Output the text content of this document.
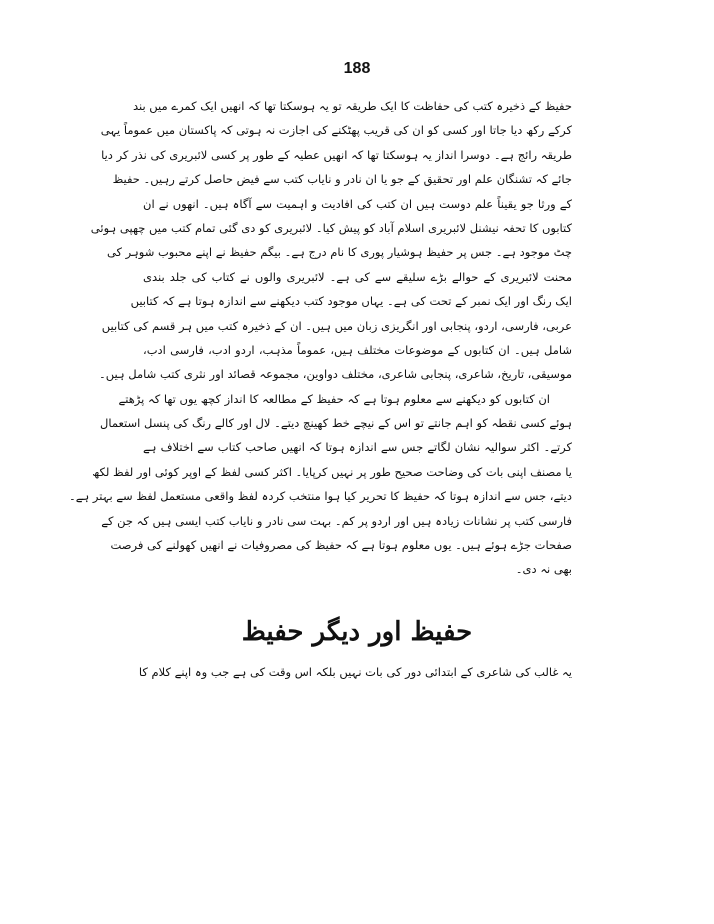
188
حفیظ کے ذخیرہ کتب کی حفاظت کا ایک طریقہ تو یہ ہوسکتا تھا کہ انھیں ایک کمرے میں بند
کرکے رکھ دیا جاتا اور کسی کو ان کی قریب پھٹکنے کی اجازت نہ ہوتی کہ پاکستان میں عموماً یہی
طریقہ رائج ہے۔ دوسرا انداز یہ ہوسکتا تھا کہ انھیں عطیہ کے طور پر کسی لائبریری کی نذر کر دیا
جائے کہ تشنگان علم اور تحقیق کے جو یا ان نادر و نایاب کتب سے فیض حاصل کرتے رہیں۔ حفیظ
کے ورثا جو یقیناً علم دوست ہیں ان کتب کی افادیت و اہمیت سے آگاہ ہیں۔ انھوں نے ان
کتابوں کا تحفہ نیشنل لائبریری اسلام آباد کو پیش کیا۔ لائبریری کو دی گئی تمام کتب میں چھپی ہوئی
چٹ موجود ہے۔ جس پر حفیظ ہوشیار پوری کا نام درج ہے۔ بیگم حفیظ نے اپنے محبوب شوہر کی
محنت لائبریری کے حوالے بڑے سلیقے سے کی ہے۔ لائبریری والوں نے کتاب کی جلد بندی
ایک رنگ اور ایک نمبر کے تحت کی ہے۔ یہاں موجود کتب دیکھنے سے اندازہ ہوتا ہے کہ کتابیں
عربی، فارسی، اردو، پنجابی اور انگریزی زبان میں ہیں۔ ان کے ذخیرہ کتب میں ہر قسم کی کتابیں
شامل ہیں۔ ان کتابوں کے موضوعات مختلف ہیں، عموماً مذہب، اردو ادب، فارسی ادب،
موسیقی، تاریخ، شاعری، پنجابی شاعری، مختلف دواوین، مجموعہ قصائد اور نثری کتب شامل ہیں۔
ان کتابوں کو دیکھنے سے معلوم ہوتا ہے کہ حفیظ کے مطالعہ کا انداز کچھ یوں تھا کہ پڑھتے
ہوئے کسی نقطہ کو اہم جانتے تو اس کے نیچے خط کھینچ دیتے۔ لال اور کالے رنگ کی پنسل استعمال
کرتے۔ اکثر سوالیہ نشان لگاتے جس سے اندازہ ہوتا کہ انھیں صاحب کتاب سے اختلاف ہے
یا مصنف اپنی بات کی وضاحت صحیح طور پر نہیں کرپایا۔ اکثر کسی لفظ کے اوپر کوئی اور لفظ لکھ
دیتے، جس سے اندازہ ہوتا کہ حفیظ کا تحریر کیا ہوا منتخب کردہ لفظ واقعی مستعمل لفظ سے بہتر ہے۔
فارسی کتب پر نشانات زیادہ ہیں اور اردو پر کم۔ بہت سی نادر و نایاب کتب ایسی ہیں کہ جن کے
صفحات جڑے ہوئے ہیں۔ یوں معلوم ہوتا ہے کہ حفیظ کی مصروفیات نے انھیں کھولنے کی فرصت
بھی نہ دی۔
حفیظ اور دیگر حفیظ
یہ غالب کی شاعری کے ابتدائی دور کی بات نہیں بلکہ اس وقت کی ہے جب وہ اپنے کلام کا
